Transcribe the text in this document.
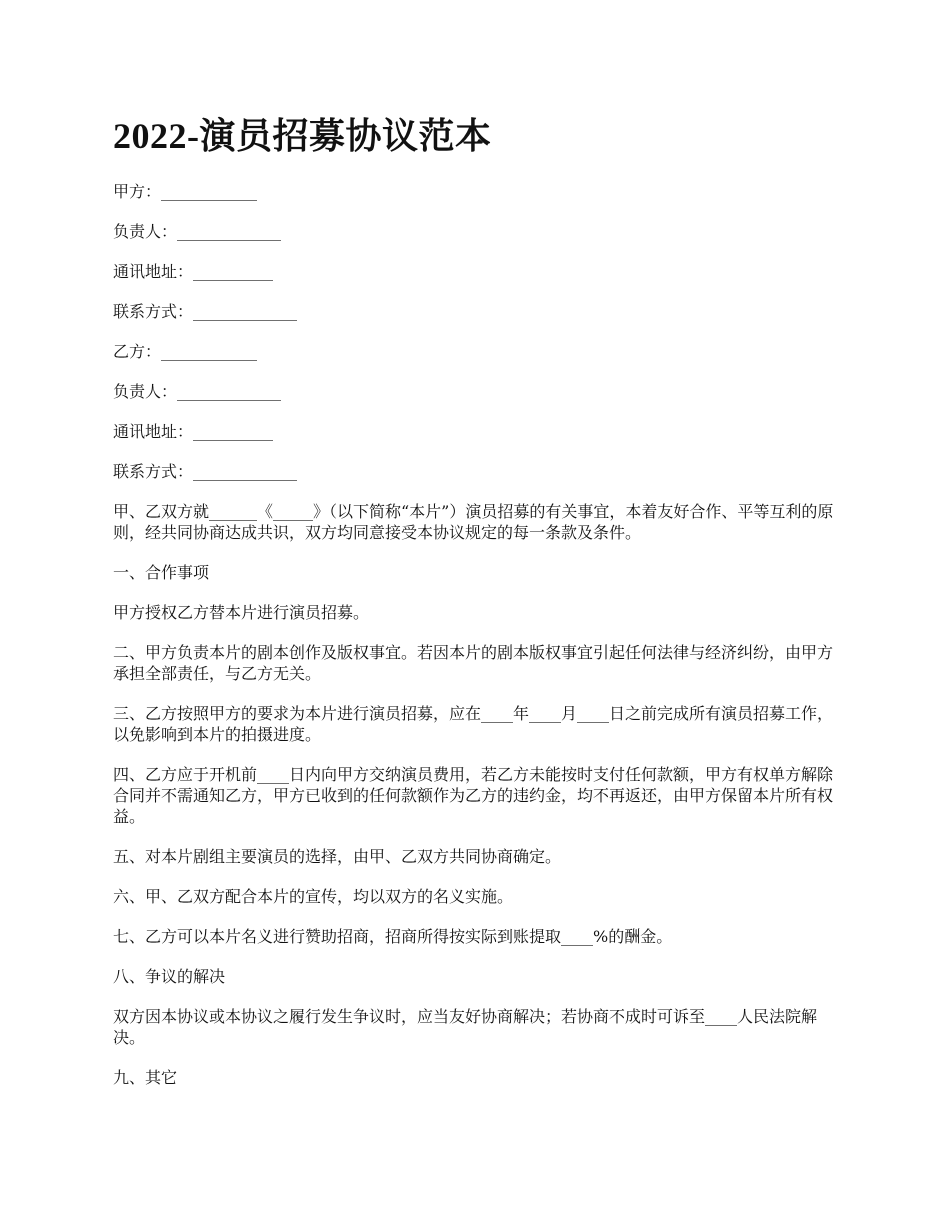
2022-演员招募协议范本
甲方：____________
负责人：_____________
通讯地址：__________
联系方式：_____________
乙方：____________
负责人：_____________
通讯地址：__________
联系方式：_____________

甲、乙双方就______《_____》（以下简称“本片”）演员招募的有关事宜，本着友好合作、平等互利的原则，经共同协商达成共识，双方均同意接受本协议规定的每一条款及条件。

一、合作事项

甲方授权乙方替本片进行演员招募。

二、甲方负责本片的剧本创作及版权事宜。若因本片的剧本版权事宜引起任何法律与经济纠纷，由甲方承担全部责任，与乙方无关。

三、乙方按照甲方的要求为本片进行演员招募，应在____年____月____日之前完成所有演员招募工作，以免影响到本片的拍摄进度。

四、乙方应于开机前____日内向甲方交纳演员费用，若乙方未能按时支付任何款额，甲方有权单方解除合同并不需通知乙方，甲方已收到的任何款额作为乙方的违约金，均不再返还，由甲方保留本片所有权益。

五、对本片剧组主要演员的选择，由甲、乙双方共同协商确定。

六、甲、乙双方配合本片的宣传，均以双方的名义实施。

七、乙方可以本片名义进行赞助招商，招商所得按实际到账提取____%的酬金。

八、争议的解决

双方因本协议或本协议之履行发生争议时，应当友好协商解决；若协商不成时可诉至____人民法院解决。

九、其它
